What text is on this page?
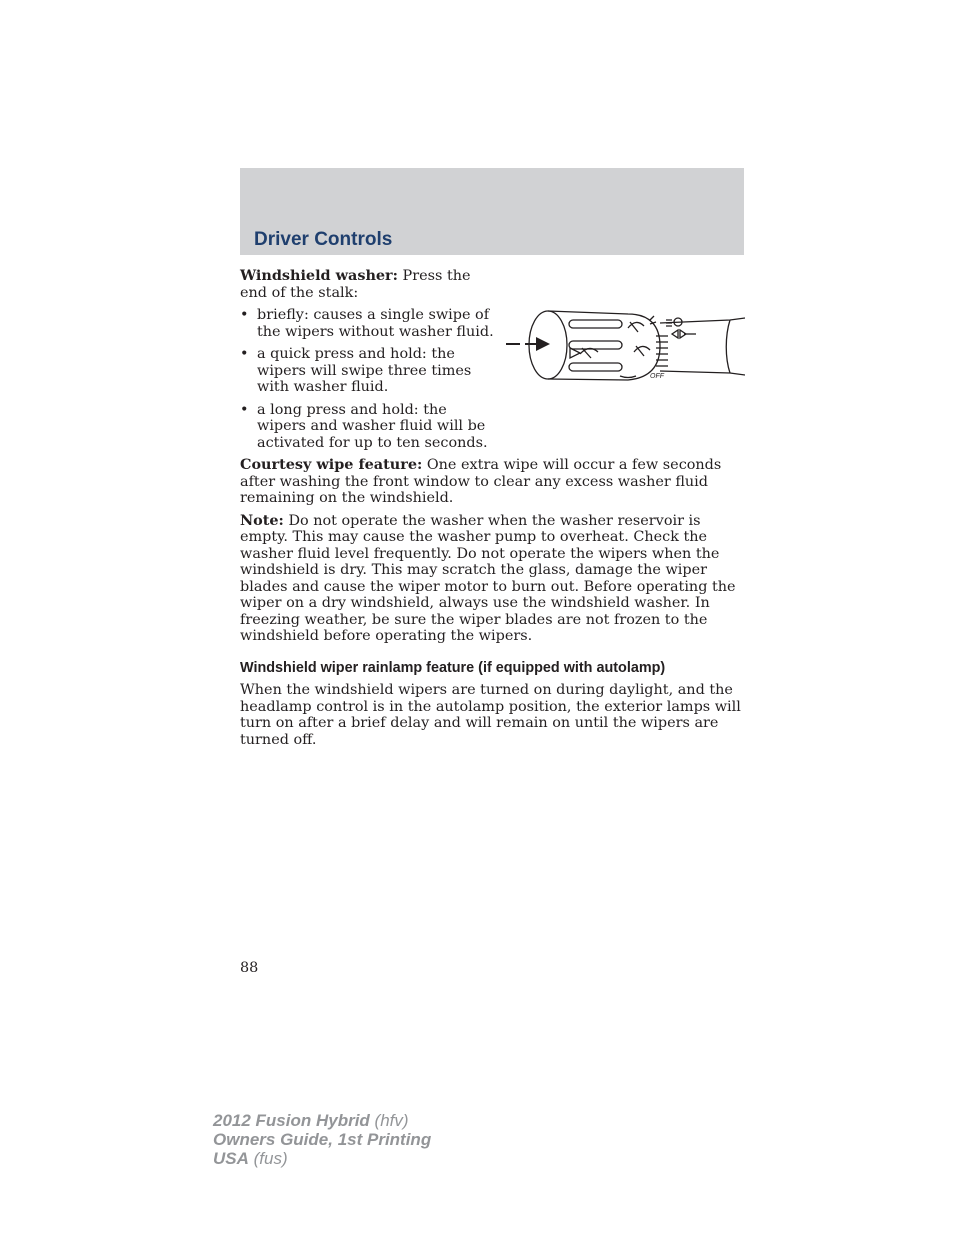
Driver Controls

Windshield washer: Press the end of the stalk:

• briefly: causes a single swipe of the wipers without washer fluid.
• a quick press and hold: the wipers will swipe three times with washer fluid.
• a long press and hold: the wipers and washer fluid will be activated for up to ten seconds.
OFF

Courtesy wipe feature: One extra wipe will occur a few seconds after washing the front window to clear any excess washer fluid remaining on the windshield.

Note: Do not operate the washer when the washer reservoir is empty. This may cause the washer pump to overheat. Check the washer fluid level frequently. Do not operate the wipers when the windshield is dry. This may scratch the glass, damage the wiper blades and cause the wiper motor to burn out. Before operating the wiper on a dry windshield, always use the windshield washer. In freezing weather, be sure the wiper blades are not frozen to the windshield before operating the wipers.

Windshield wiper rainlamp feature (if equipped with autolamp)

When the windshield wipers are turned on during daylight, and the headlamp control is in the autolamp position, the exterior lamps will turn on after a brief delay and will remain on until the wipers are turned off.

88
2012 Fusion Hybrid (hfv)
Owners Guide, 1st Printing
USA (fus)
